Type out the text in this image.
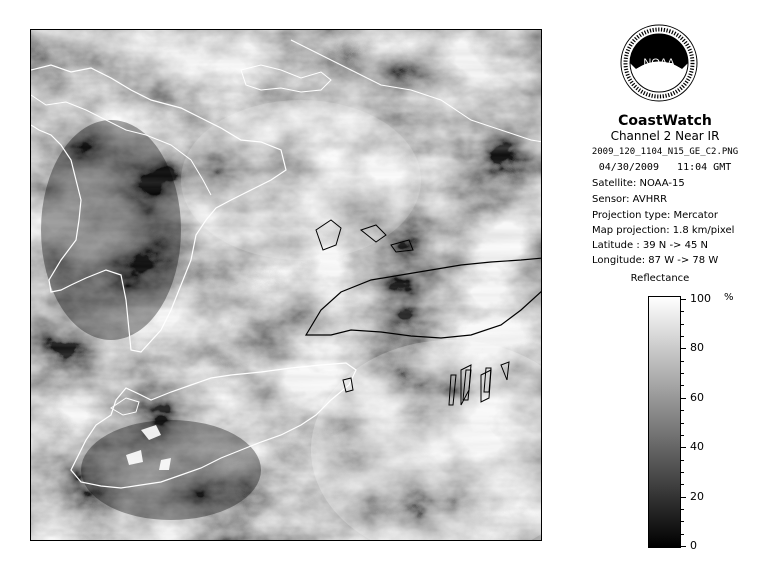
NOAA
CoastWatch
Channel 2 Near IR
2009_120_1104_N15_GE_C2.PNG
04/30/2009 11:04 GMT
Satellite: NOAA-15
Sensor: AVHRR
Projection type: Mercator
Map projection: 1.8 km/pixel
Latitude : 39 N -> 45 N
Longitude: 87 W -> 78 W
Reflectance
%
100
80
60
40
20
0
